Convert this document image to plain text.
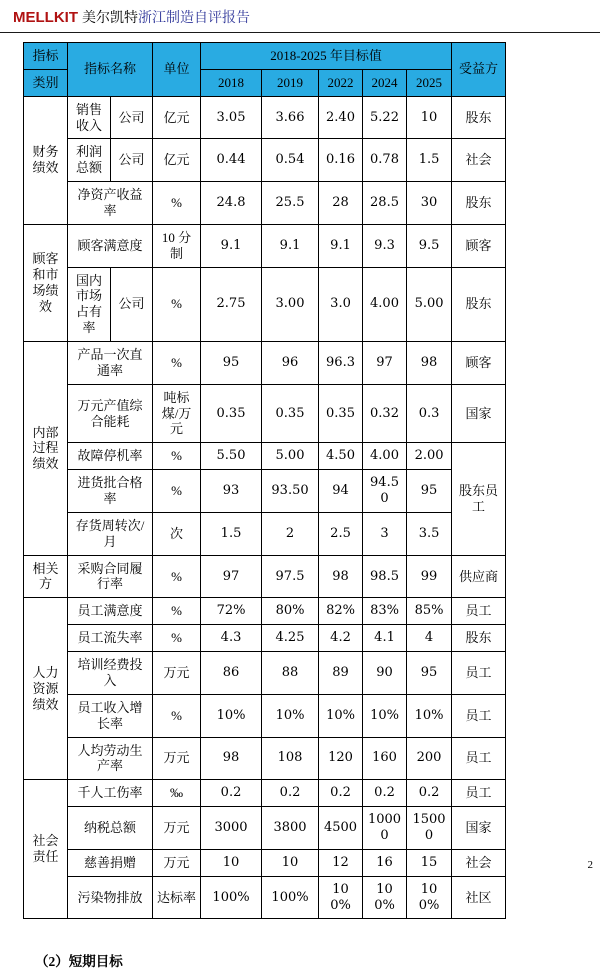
MELLKIT 美尔凯特浙江制造自评报告
指标	指标名称		单位	2018-2025 年目标值					受益方
类别				2018	2019	2022	2024	2025	
财务绩效	销售收入	公司	亿元	3.05	3.66	2.40	5.22	10	股东
	利润总额	公司	亿元	0.44	0.54	0.16	0.78	1.5	社会
	净资产收益率		%	24.8	25.5	28	28.5	30	股东
顾客和市场绩效	顾客满意度		10 分制	9.1	9.1	9.1	9.3	9.5	顾客
	国内市场占有率	公司	%	2.75	3.00	3.0	4.00	5.00	股东
内部过程绩效	产品一次直通率		%	95	96	96.3	97	98	顾客
	万元产值综合能耗		吨标煤/万元	0.35	0.35	0.35	0.32	0.3	国家
	故障停机率		%	5.50	5.00	4.50	4.00	2.00	股东员工
	进货批合格率		%	93	93.50	94	94.50	95	
	存货周转次/月		次	1.5	2	2.5	3	3.5	
相关方	采购合同履行率		%	97	97.5	98	98.5	99	供应商
人力资源绩效	员工满意度		%	72%	80%	82%	83%	85%	员工
	员工流失率		%	4.3	4.25	4.2	4.1	4	股东
	培训经费投入		万元	86	88	89	90	95	员工
	员工收入增长率		%	10%	10%	10%	10%	10%	员工
	人均劳动生产率		万元	98	108	120	160	200	员工
社会责任	千人工伤率		‰	0.2	0.2	0.2	0.2	0.2	员工
	纳税总额		万元	3000	3800	4500	10000	15000	国家
	慈善捐赠		万元	10	10	12	16	15	社会
	污染物排放		达标率	100%	100%	100%	100%	100%	社区
（2）短期目标
2
